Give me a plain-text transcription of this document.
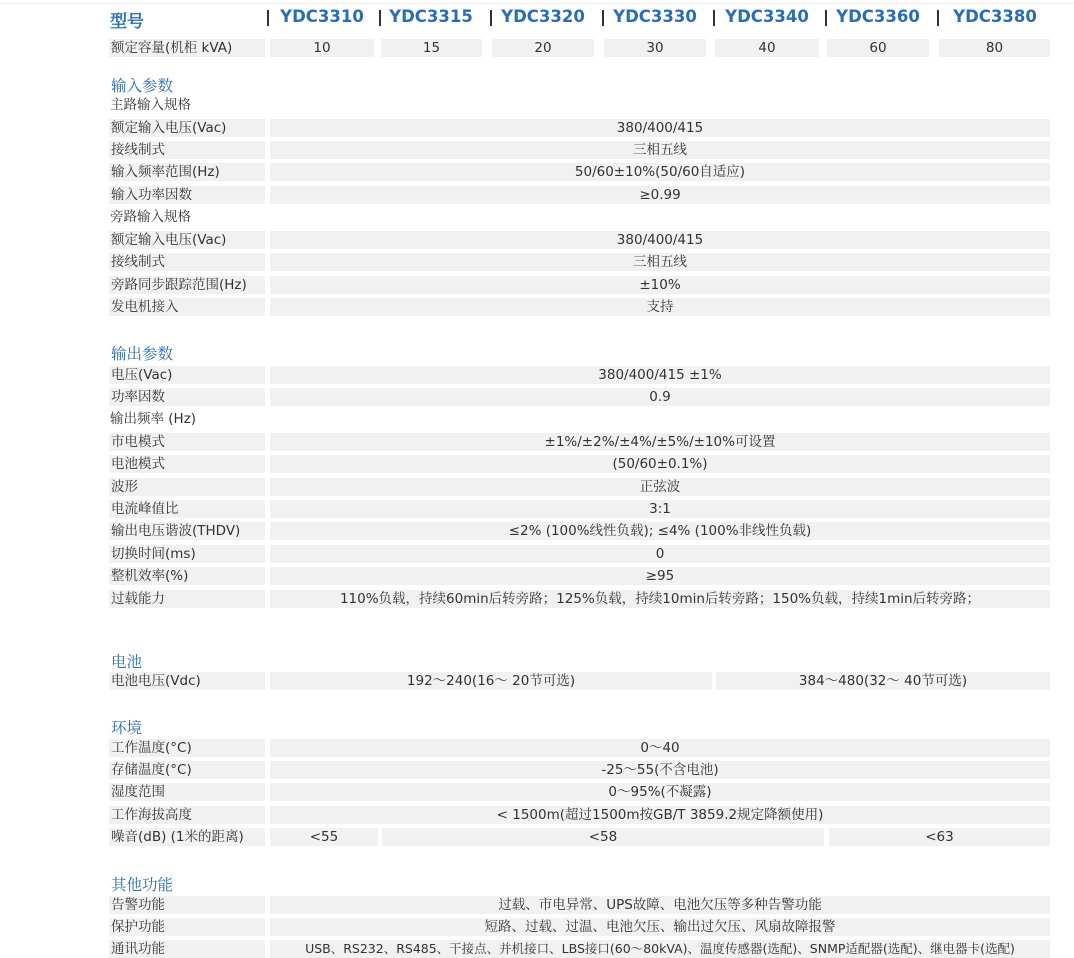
型号	YDC3310	YDC3315	YDC3320	YDC3330	YDC3340	YDC3360	YDC3380
额定容量(机柜 kVA)	10	15	20	30	40	60	80
输入参数
主路输入规格
额定输入电压(Vac)	380/400/415
接线制式	三相五线
输入频率范围(Hz)	50/60±10%(50/60自适应)
输入功率因数	≥0.99
旁路输入规格
额定输入电压(Vac)	380/400/415
接线制式	三相五线
旁路同步跟踪范围(Hz)	±10%
发电机接入	支持
输出参数
电压(Vac)	380/400/415 ±1%
功率因数	0.9
输出频率 (Hz)
市电模式	±1%/±2%/±4%/±5%/±10%可设置
电池模式	(50/60±0.1%)
波形	正弦波
电流峰值比	3:1
输出电压谐波(THDV)	≤2% (100%线性负载); ≤4% (100%非线性负载)
切换时间(ms)	0
整机效率(%)	≥95
过载能力	110%负载，持续60min后转旁路；125%负载，持续10min后转旁路；150%负载，持续1min后转旁路；
电池
电池电压(Vdc)	192～240(16～ 20节可选)	384～480(32～ 40节可选)
环境
工作温度(°C)	0～40
存储温度(°C)	-25～55(不含电池)
湿度范围	0～95%(不凝露)
工作海拔高度	< 1500m(超过1500m按GB/T 3859.2规定降额使用)
噪音(dB) (1米的距离)	<55	<58	<63
其他功能
告警功能	过载、市电异常、UPS故障、电池欠压等多种告警功能
保护功能	短路、过载、过温、电池欠压、输出过欠压、风扇故障报警
通讯功能	USB、RS232、RS485、干接点、并机接口、LBS接口(60～80kVA)、温度传感器(选配)、SNMP适配器(选配)、继电器卡(选配)
